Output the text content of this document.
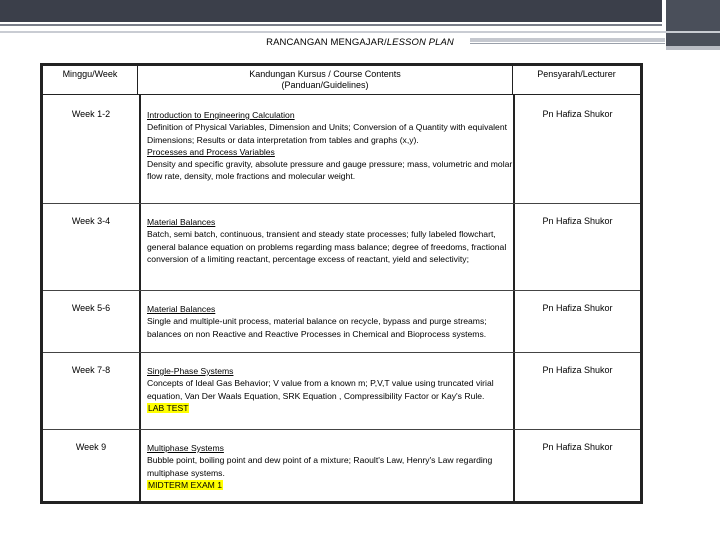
RANCANGAN MENGAJAR/LESSON PLAN
Minggu/Week	Kandungan Kursus / Course Contents
(Panduan/Guidelines)
Pensyarah/Lecturer
Week 1-2	Introduction to Engineering Calculation
Definition of Physical Variables, Dimension and Units; Conversion of a Quantity with equivalent Dimensions; Results or data interpretation from tables and graphs (x,y).
Processes and Process Variables
Density and specific gravity, absolute pressure and gauge pressure; mass, volumetric and molar flow rate, density, mole fractions and molecular weight.
Pn Hafiza Shukor
Week 3-4	Material Balances
Batch, semi batch, continuous, transient and steady state processes; fully labeled flowchart, general balance equation on problems regarding mass balance; degree of freedoms, fractional conversion of a limiting reactant, percentage excess of reactant, yield and selectivity;
Pn Hafiza Shukor
Week 5-6	Material Balances
Single and multiple-unit process, material balance on recycle, bypass and purge streams; balances on non Reactive and Reactive Processes in Chemical and Bioprocess systems.
Pn Hafiza Shukor
Week 7-8	Single-Phase Systems
Concepts of Ideal Gas Behavior; V value from a known m; P,V,T value using truncated virial equation, Van Der Waals Equation, SRK Equation , Compressibility Factor or Kay's Rule.
LAB TEST
Pn Hafiza Shukor
Week 9	Multiphase Systems
Bubble point, boiling point and dew point of a mixture; Raoult's Law, Henry's Law regarding multiphase systems.
MIDTERM EXAM 1
Pn Hafiza Shukor
